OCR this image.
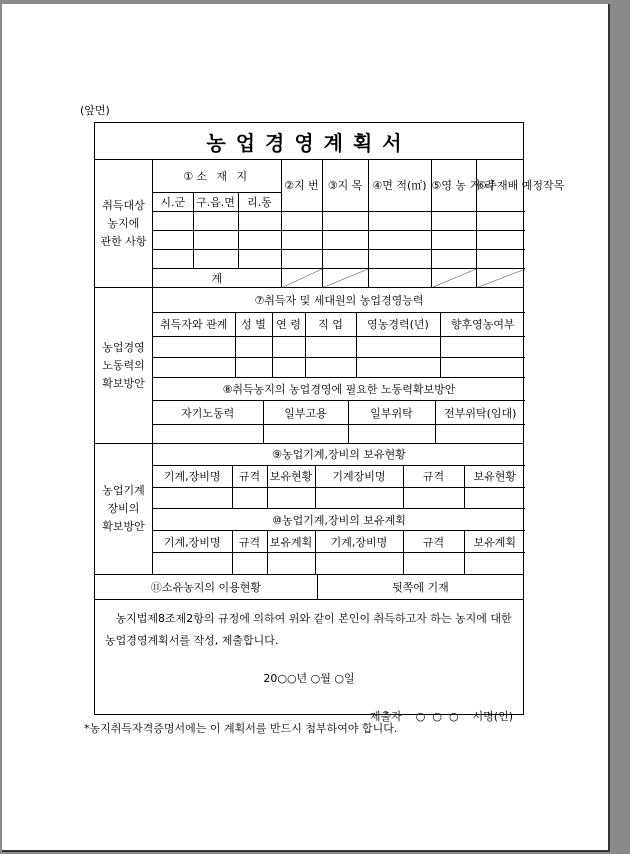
(앞면)
농업경영계획서
취득대상
농지에
관한 사항
①소 재 지			②지 번	③지 목	④면 적(㎡)	⑤영 농 거 리	⑥주재배 예정작목
시.군	구.읍.면	리.동					

계	

농업경영
노동력의
확보방안
⑦취득자 및 세대원의 농업경영능력					
취득자와 관계	성 별	연 령	직 업	영농경력(년)	향후영농여부

⑧취득농지의 농업경영에 필요한 노동력확보방안			
자기노동력	일부고용	일부위탁	전부위탁(임대)

농업기계
장비의
확보방안
⑨농업기계,장비의 보유현황					
기계,장비명	규격	보유현황	기계장비명	규격	보유현황

⑩농업기계,장비의 보유계획					
기계,장비명	규격	보유계획	기계,장비명	규격	보유계획

⑪소유농지의 이용현황	뒷쪽에 기재
농지법제8조제2항의 규정에 의하여 위와 같이 본인이 취득하고자 하는 농지에 대한 농업경영계획서를 작성, 제출합니다.
20○○년 ○월 ○일
제출자    ○  ○  ○    서명(인)
*농지취득자격증명서에는 이 계획서를 반드시 첨부하여야 합니다.
